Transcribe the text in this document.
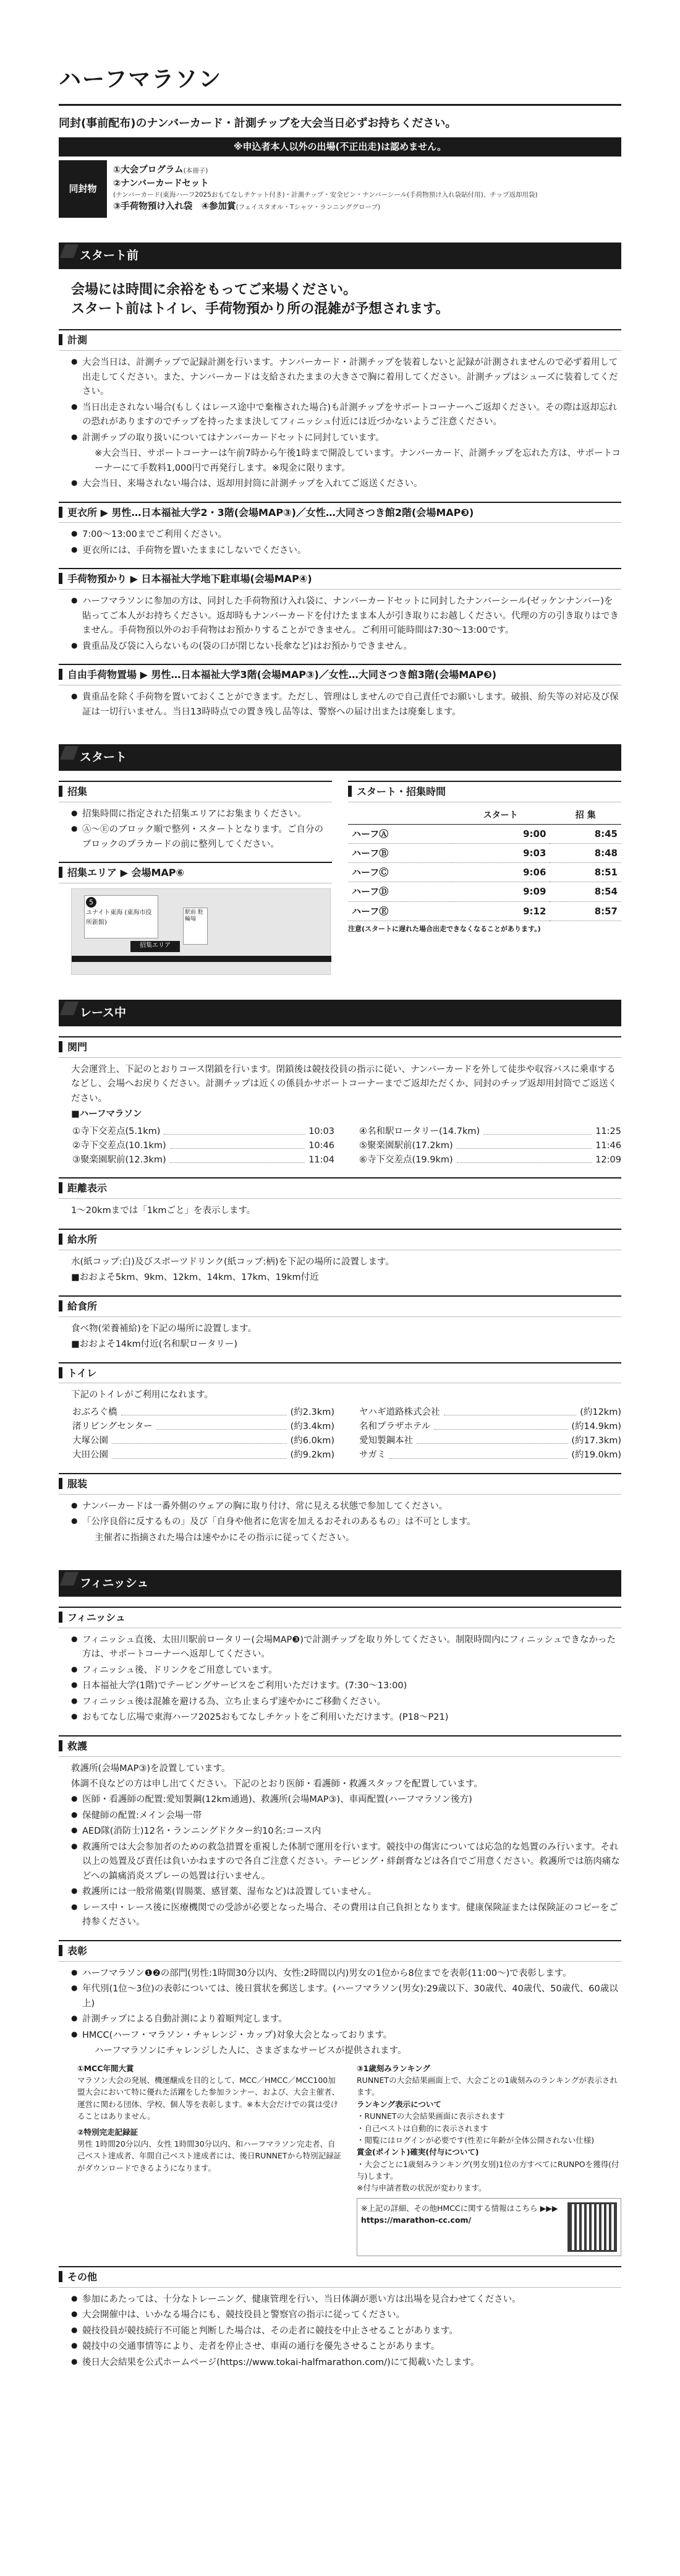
ハーフマラソン
同封(事前配布)のナンバーカード・計測チップを大会当日必ずお持ちください。
※申込者本人以外の出場(不正出走)は認めません。
同封物
①大会プログラム(本冊子)
②ナンバーカードセット
(ナンバーカード(東海ハーフ2025おもてなしチケット付き)・計測チップ・安全ピン・ナンバーシール(手荷物預け入れ袋貼付用)、チップ返却用袋)
③手荷物預け入れ袋　 ④参加賞(フェイスタオル・Tシャツ・ランニンググローブ)
スタート前
会場には時間に余裕をもってご来場ください。
スタート前はトイレ、手荷物預かり所の混雑が予想されます。
計測
● 大会当日は、計測チップで記録計測を行います。ナンバーカード・計測チップを装着しないと記録が計測されませんので必ず着用して出走してください。また、ナンバーカードは支給されたままの大きさで胸に着用してください。計測チップはシューズに装着してください。
● 当日出走されない場合(もしくはレース途中で棄権された場合)も計測チップをサポートコーナーへご返却ください。その際は返却忘れの恐れがありますのでチップを持ったまま決してフィニッシュ付近には近づかないようご注意ください。
● 計測チップの取り扱いについてはナンバーカードセットに同封しています。
※大会当日、サポートコーナーは午前7時から午後1時まで開設しています。ナンバーカード、計測チップを忘れた方は、サポートコーナーにて手数料1,000円で再発行します。※現金に限ります。
● 大会当日、来場されない場合は、返却用封筒に計測チップを入れてご返送ください。
更衣所 ▶ 男性…日本福祉大学2・3階(会場MAP③)／女性…大同さつき館2階(会場MAP❸)
● 7:00〜13:00までご利用ください。
● 更衣所には、手荷物を置いたままにしないでください。
手荷物預かり ▶ 日本福祉大学地下駐車場(会場MAP④)
● ハーフマラソンに参加の方は、同封した手荷物預け入れ袋に、ナンバーカードセットに同封したナンバーシール(ゼッケンナンバー)を貼ってご本人がお持ちください。返却時もナンバーカードを付けたまま本人が引き取りにお越しください。代理の方の引き取りはできません。手荷物預以外のお手荷物はお預かりすることができません。ご利用可能時間は7:30〜13:00です。
● 貴重品及び袋に入らないもの(袋の口が閉じない長傘など)はお預かりできません。
自由手荷物置場 ▶ 男性…日本福祉大学3階(会場MAP③)／女性…大同さつき館3階(会場MAP❸)
● 貴重品を除く手荷物を置いておくことができます。ただし、管理はしませんので自己責任でお願いします。破損、紛失等の対応及び保証は一切行いません。当日13時時点での置き残し品等は、警察への届け出または廃棄します。
スタート
招集
● 招集時間に指定された招集エリアにお集まりください。
● Ⓐ〜Ⓔのブロック順で整列・スタートとなります。ご自分のブロックのプラカードの前に整列してください。
招集エリア ▶ 会場MAP⑥
5
ユナイト東海 (東海市役所新館)
招集エリア
駅前 駐輪場
スタート・招集時間
	スタート	招 集
ハーフⒶ	9:00	8:45
ハーフⒷ	9:03	8:48
ハーフⒸ	9:06	8:51
ハーフⒹ	9:09	8:54
ハーフⒺ	9:12	8:57
注意(スタートに遅れた場合出走できなくなることがあります。)
レース中
関門
大会運営上、下記のとおりコース閉鎖を行います。閉鎖後は競技役員の指示に従い、ナンバーカードを外して徒歩や収容バスに乗車するなどし、会場へお戻りください。計測チップは近くの係員かサポートコーナーまでご返却ただくか、同封のチップ返却用封筒でご返送ください。
■ハーフマラソン
①寺下交差点(5.1km)	10:03
②寺下交差点(10.1km)	10:46
③聚楽園駅前(12.3km)	11:04
④名和駅ロータリー(14.7km)	11:25
⑤聚楽園駅前(17.2km)	11:46
⑥寺下交差点(19.9km)	12:09
距離表示
1〜20kmまでは「1kmごと」を表示します。
給水所
水(紙コップ:白)及びスポーツドリンク(紙コップ:柄)を下記の場所に設置します。
■おおよそ5km、9km、12km、14km、17km、19km付近
給食所
食べ物(栄養補給)を下記の場所に設置します。
■おおよそ14km付近(名和駅ロータリー)
トイレ
下記のトイレがご利用になれます。
おぶろぐ橋	(約2.3km)
渚リビングセンター	(約3.4km)
大塚公園	(約6.0km)
大田公園	(約9.2km)
ヤハギ道路株式会社	(約12km)
名和プラザホテル	(約14.9km)
愛知製鋼本社	(約17.3km)
サガミ	(約19.0km)
服装
● ナンバーカードは一番外側のウェアの胸に取り付け、常に見える状態で参加してください。
● 「公序良俗に反するもの」及び「自身や他者に危害を加えるおそれのあるもの」は不可とします。
主催者に指摘された場合は速やかにその指示に従ってください。
フィニッシュ
フィニッシュ
● フィニッシュ直後、太田川駅前ロータリー(会場MAP❸)で計測チップを取り外してください。制限時間内にフィニッシュできなかった方は、サポートコーナーへ返却してください。
● フィニッシュ後、ドリンクをご用意しています。
● 日本福祉大学(1階)でテーピングサービスをご利用いただけます。(7:30〜13:00)
● フィニッシュ後は混雑を避ける為、立ち止まらず速やかにご移動ください。
● おもてなし広場で東海ハーフ2025おもてなしチケットをご利用いただけます。(P18〜P21)
救護
救護所(会場MAP③)を設置しています。
体調不良などの方は申し出てください。下記のとおり医師・看護師・救護スタッフを配置しています。
● 医師・看護師の配置:愛知製鋼(12km通過)、救護所(会場MAP③)、車両配置(ハーフマラソン後方)
● 保健師の配置:メイン会場一帯
● AED隊(消防士)12名・ランニングドクター約10名:コース内
● 救護所では大会参加者のための救急措置を重視した体制で運用を行います。競技中の傷害については応急的な処置のみ行います。それ以上の処置及び責任は負いかねますので各自ご注意ください。テーピング・絆創膏などは各自でご用意ください。救護所では筋肉痛などへの鎮痛消炎スプレーの処置は行いません。
● 救護所には一般常備薬(胃腸薬、感冒薬、湿布など)は設置していません。
● レース中・レース後に医療機関での受診が必要となった場合、その費用は自己負担となります。健康保険証または保険証のコピーをご持参ください。
表彰
● ハーフマラソン❶❷の部門(男性:1時間30分以内、女性:2時間以内)男女の1位から8位までを表彰(11:00〜)で表彰します。
● 年代別(1位〜3位)の表彰については、後日賞状を郵送します。(ハーフマラソン(男女):29歳以下、30歳代、40歳代、50歳代、60歳以上)
● 計測チップによる自動計測により着順判定します。
● HMCC(ハーフ・マラソン・チャレンジ・カップ)対象大会となっております。
ハーフマラソンにチャレンジした人に、さまざまなサービスが提供されます。
①MCC年間大賞
マラソン大会の発展、機運醸成を目的として、MCC／HMCC／MCC100加盟大会において特に優れた活躍をした参加ランナー、および、大会主催者、運営に関わる団体、学校、個人等を表彰します。※本大会だけでの賞は受けることはありません。
②特別完走記録証
男性 1時間20分以内、女性 1時間30分以内、和ハーフマラソン完走者、自己ベスト達成者、年間自己ベスト達成者には、後日RUNNETから特別記録証がダウンロードできるようになります。
③1歳刻みランキング
RUNNETの大会結果画面上で、大会ごとの1歳刻みのランキングが表示されます。
ランキング表示について
・RUNNETの大会結果画面に表示されます
・自己ベストは自動的に表示されます
・閲覧にはログインが必要です(性差に年齢が全体公開されない仕様)
賞金(ポイント)確実(付与について)
・大会ごとに1歳刻みランキング(男女別)1位の方すべてにRUNPOを獲得(付与)します。
※付与申請者数の状況が変わります。
※上記の詳細、その他HMCCに関する情報はこちら ▶▶▶
https://marathon-cc.com/
その他
● 参加にあたっては、十分なトレーニング、健康管理を行い、当日体調が悪い方は出場を見合わせてください。
● 大会開催中は、いかなる場合にも、競技役員と警察官の指示に従ってください。
● 競技役員が競技続行不可能と判断した場合は、その走者に競技を中止させることがあります。
● 競技中の交通事情等により、走者を停止させ、車両の通行を優先させることがあります。
● 後日大会結果を公式ホームページ(https://www.tokai-halfmarathon.com/)にて掲載いたします。
